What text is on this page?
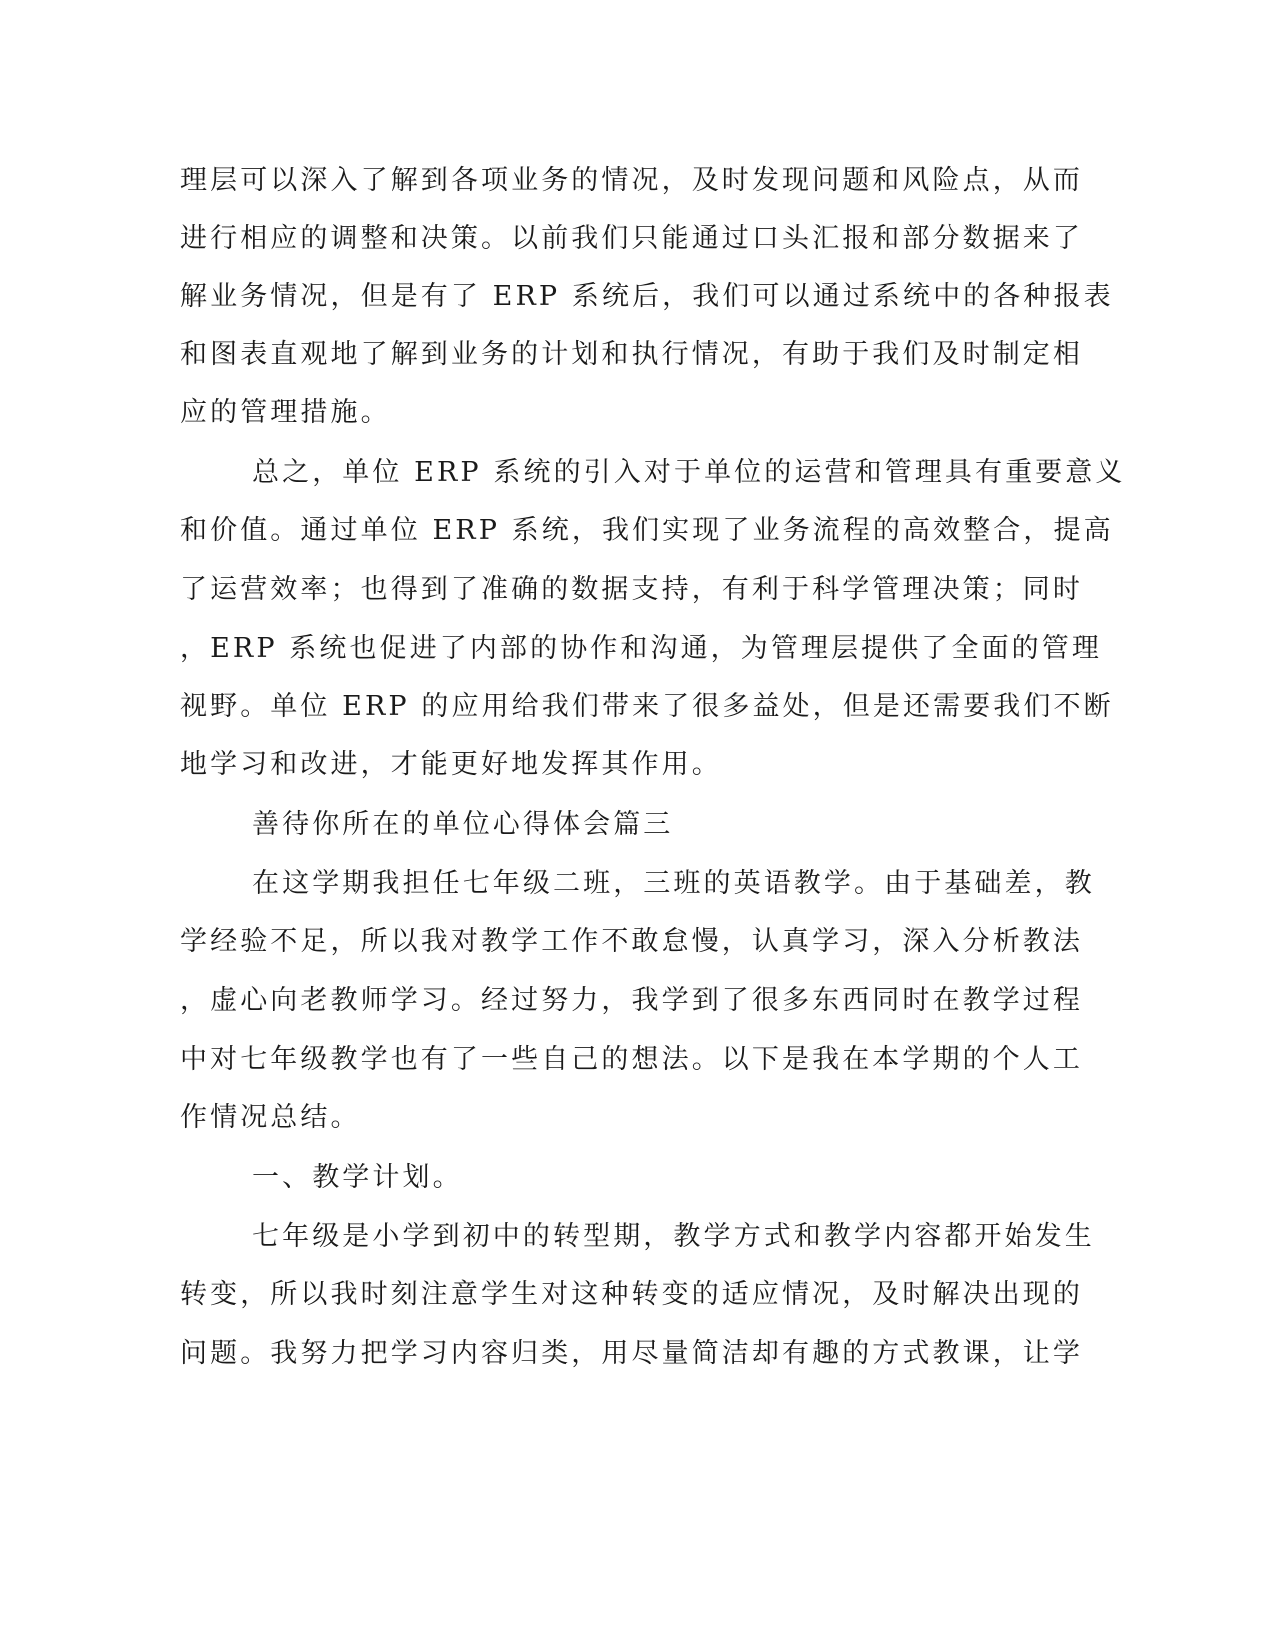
理层可以深入了解到各项业务的情况，及时发现问题和风险点，从而
进行相应的调整和决策。以前我们只能通过口头汇报和部分数据来了
解业务情况，但是有了 ERP 系统后，我们可以通过系统中的各种报表
和图表直观地了解到业务的计划和执行情况，有助于我们及时制定相
应的管理措施。
总之，单位 ERP 系统的引入对于单位的运营和管理具有重要意义
和价值。通过单位 ERP 系统，我们实现了业务流程的高效整合，提高
了运营效率；也得到了准确的数据支持，有利于科学管理决策；同时
，ERP 系统也促进了内部的协作和沟通，为管理层提供了全面的管理
视野。单位 ERP 的应用给我们带来了很多益处，但是还需要我们不断
地学习和改进，才能更好地发挥其作用。
善待你所在的单位心得体会篇三
在这学期我担任七年级二班，三班的英语教学。由于基础差，教
学经验不足，所以我对教学工作不敢怠慢，认真学习，深入分析教法
，虚心向老教师学习。经过努力，我学到了很多东西同时在教学过程
中对七年级教学也有了一些自己的想法。以下是我在本学期的个人工
作情况总结。
一、教学计划。
七年级是小学到初中的转型期，教学方式和教学内容都开始发生
转变，所以我时刻注意学生对这种转变的适应情况，及时解决出现的
问题。我努力把学习内容归类，用尽量简洁却有趣的方式教课，让学
